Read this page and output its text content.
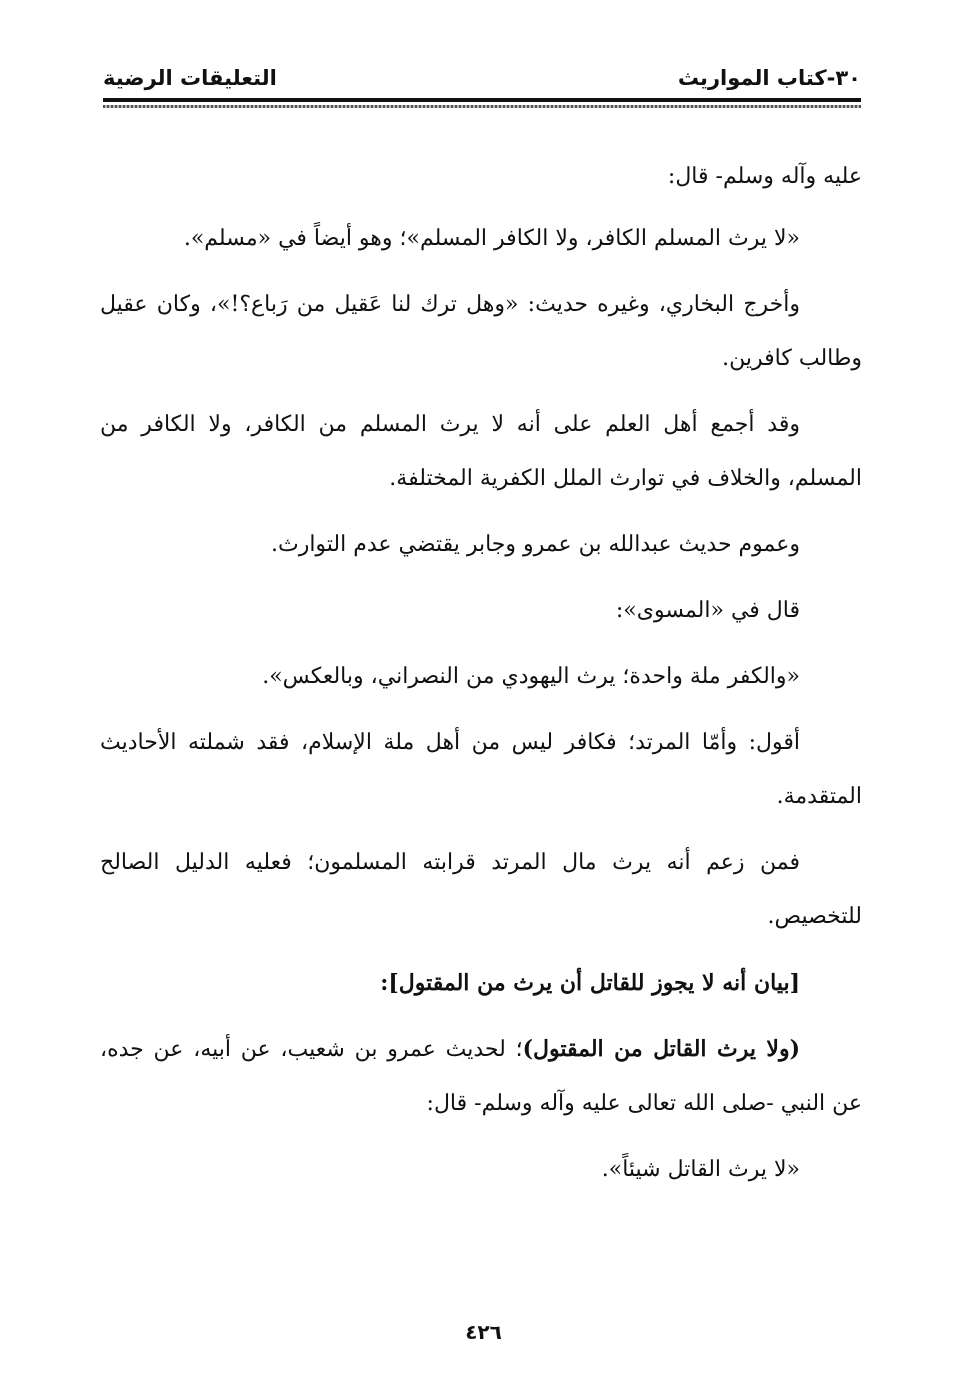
٣٠-كتاب المواريث
التعليقات الرضية

عليه وآله وسلم- قال:

«لا يرث المسلم الكافر، ولا الكافر المسلم»؛ وهو أيضاً في «مسلم».

وأخرج البخاري، وغيره حديث: «وهل ترك لنا عَقيل من رَباع؟!»، وكان عقيل وطالب كافرين.

وقد أجمع أهل العلم على أنه لا يرث المسلم من الكافر، ولا الكافر من المسلم، والخلاف في توارث الملل الكفرية المختلفة.

وعموم حديث عبدالله بن عمرو وجابر يقتضي عدم التوارث.

قال في «المسوى»:

«والكفر ملة واحدة؛ يرث اليهودي من النصراني، وبالعكس».

أقول: وأمّا المرتد؛ فكافر ليس من أهل ملة الإسلام، فقد شملته الأحاديث المتقدمة.

فمن زعم أنه يرث مال المرتد قرابته المسلمون؛ فعليه الدليل الصالح للتخصيص.

[بيان أنه لا يجوز للقاتل أن يرث من المقتول]:

(ولا يرث القاتل من المقتول)؛ لحديث عمرو بن شعيب، عن أبيه، عن جده، عن النبي -صلى الله تعالى عليه وآله وسلم- قال:

«لا يرث القاتل شيئاً».

٤٢٦
